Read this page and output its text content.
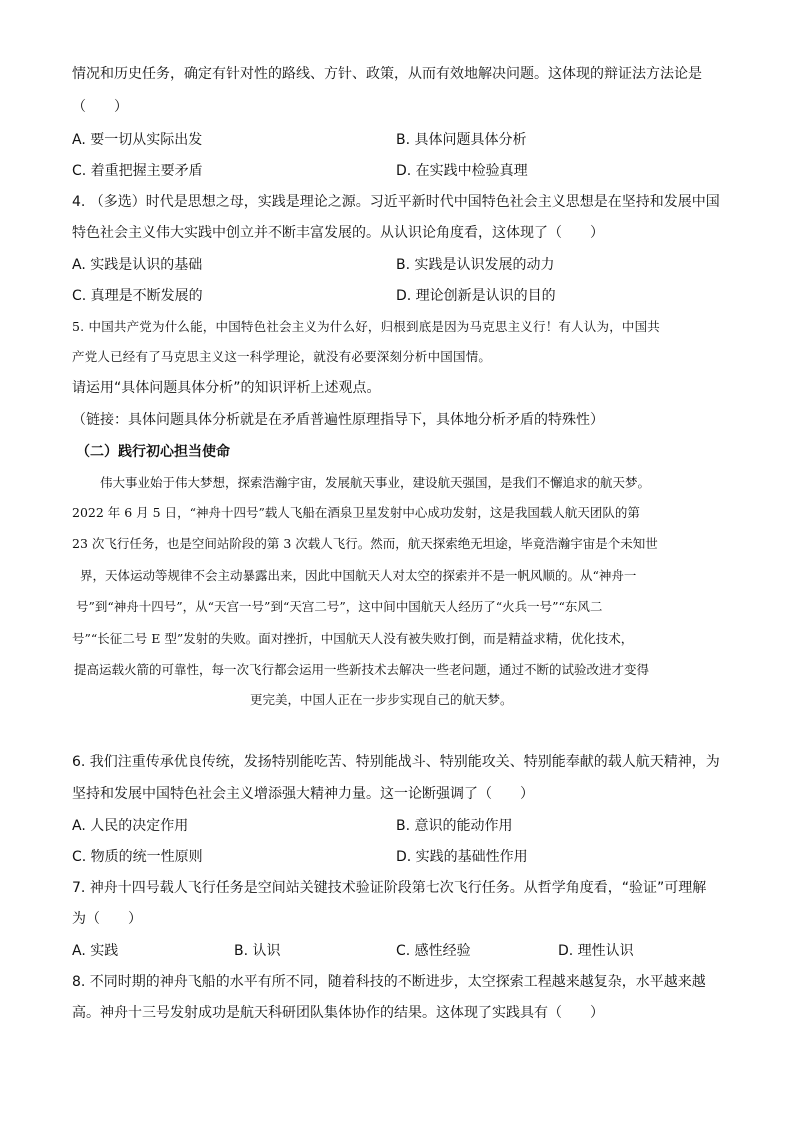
情况和历史任务，确定有针对性的路线、方针、政策，从而有效地解决问题。这体现的辩证法方法论是
（　　）
A. 要一切从实际出发	B. 具体问题具体分析
C. 着重把握主要矛盾	D. 在实践中检验真理
4. （多选）时代是思想之母，实践是理论之源。习近平新时代中国特色社会主义思想是在坚持和发展中国
特色社会主义伟大实践中创立并不断丰富发展的。从认识论角度看，这体现了（　　）
A. 实践是认识的基础	B. 实践是认识发展的动力
C. 真理是不断发展的	D. 理论创新是认识的目的
5. 中国共产党为什么能，中国特色社会主义为什么好，归根到底是因为马克思主义行！有人认为，中国共
产党人已经有了马克思主义这一科学理论，就没有必要深刻分析中国国情。
请运用“具体问题具体分析”的知识评析上述观点。
（链接：具体问题具体分析就是在矛盾普遍性原理指导下，具体地分析矛盾的特殊性）
（二）践行初心担当使命
伟大事业始于伟大梦想，探索浩瀚宇宙，发展航天事业，建设航天强国，是我们不懈追求的航天梦。
2022 年 6 月 5 日，“神舟十四号”载人飞船在酒泉卫星发射中心成功发射，这是我国载人航天团队的第
23 次飞行任务，也是空间站阶段的第 3 次载人飞行。然而，航天探索绝无坦途，毕竟浩瀚宇宙是个未知世
界，天体运动等规律不会主动暴露出来，因此中国航天人对太空的探索并不是一帆风顺的。从“神舟一
号”到“神舟十四号”，从“天宫一号”到“天宫二号”，这中间中国航天人经历了“火兵一号”“东风二
号”“长征二号 E 型”发射的失败。面对挫折，中国航天人没有被失败打倒，而是精益求精，优化技术，
提高运载火箭的可靠性，每一次飞行都会运用一些新技术去解决一些老问题，通过不断的试验改进才变得
更完美，中国人正在一步步实现自己的航天梦。
6. 我们注重传承优良传统，发扬特别能吃苦、特别能战斗、特别能攻关、特别能奉献的载人航天精神，为
坚持和发展中国特色社会主义增添强大精神力量。这一论断强调了（　　）
A. 人民的决定作用	B. 意识的能动作用
C. 物质的统一性原则	D. 实践的基础性作用
7. 神舟十四号载人飞行任务是空间站关键技术验证阶段第七次飞行任务。从哲学角度看，“验证”可理解
为（　　）
A. 实践	B. 认识	C. 感性经验	D. 理性认识
8. 不同时期的神舟飞船的水平有所不同，随着科技的不断进步，太空探索工程越来越复杂，水平越来越
高。神舟十三号发射成功是航天科研团队集体协作的结果。这体现了实践具有（　　）
